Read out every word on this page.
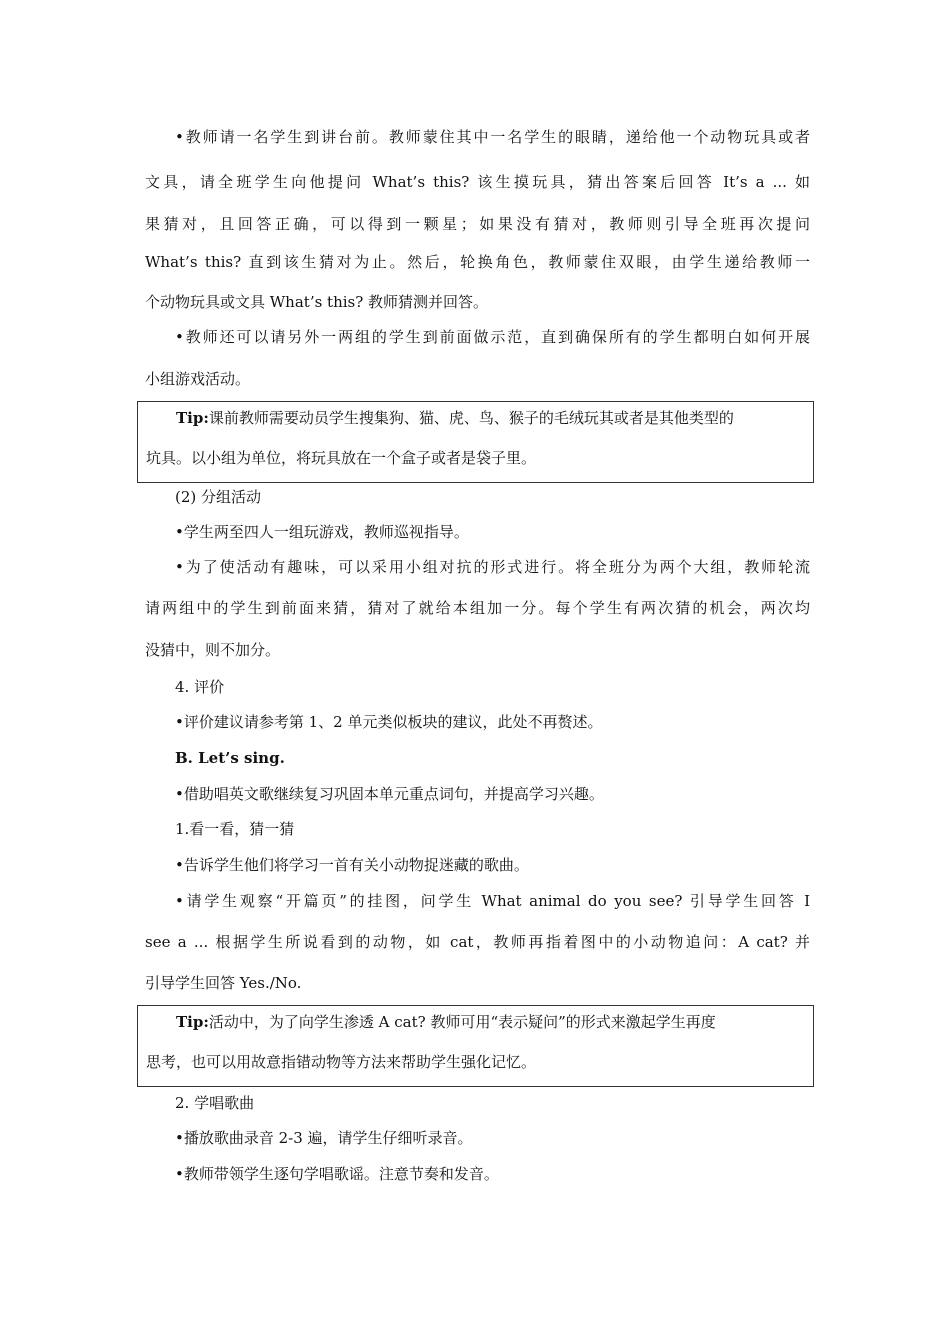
•教师请一名学生到讲台前。教师蒙住其中一名学生的眼睛，递给他一个动物玩具或者
文具，请全班学生向他提问 What’s this? 该生摸玩具，猜出答案后回答 It’s a ... 如
果猜对，且回答正确，可以得到一颗星；如果没有猜对，教师则引导全班再次提问
What’s this? 直到该生猜对为止。然后，轮换角色，教师蒙住双眼，由学生递给教师一
个动物玩具或文具 What’s this? 教师猜测并回答。
•教师还可以请另外一两组的学生到前面做示范，直到确保所有的学生都明白如何开展
小组游戏活动。
Tip:课前教师需要动员学生搜集狗、猫、虎、鸟、猴子的毛绒玩其或者是其他类型的
坑具。以小组为单位，将玩具放在一个盒子或者是袋子里。
(2) 分组活动
•学生两至四人一组玩游戏，教师巡视指导。
•为了使活动有趣味，可以采用小组对抗的形式进行。将全班分为两个大组，教师轮流
请两组中的学生到前面来猜，猜对了就给本组加一分。每个学生有两次猜的机会，两次均
没猜中，则不加分。
4. 评价
•评价建议请参考第 1、2 单元类似板块的建议，此处不再赘述。
B. Let’s sing.
•借助唱英文歌继续复习巩固本单元重点词句，并提高学习兴趣。
1.看一看，猜一猜
•告诉学生他们将学习一首有关小动物捉迷藏的歌曲。
•请学生观察“开篇页”的挂图，问学生 What animal do you see? 引导学生回答 I
see a ... 根据学生所说看到的动物，如 cat，教师再指着图中的小动物追问：A cat? 并
引导学生回答 Yes./No.
Tip:活动中，为了向学生渗透 A cat? 教师可用“表示疑问”的形式来激起学生再度
思考，也可以用故意指错动物等方法来帮助学生强化记忆。
2. 学唱歌曲
•播放歌曲录音 2-3 遍，请学生仔细听录音。
•教师带领学生逐句学唱歌谣。注意节奏和发音。
